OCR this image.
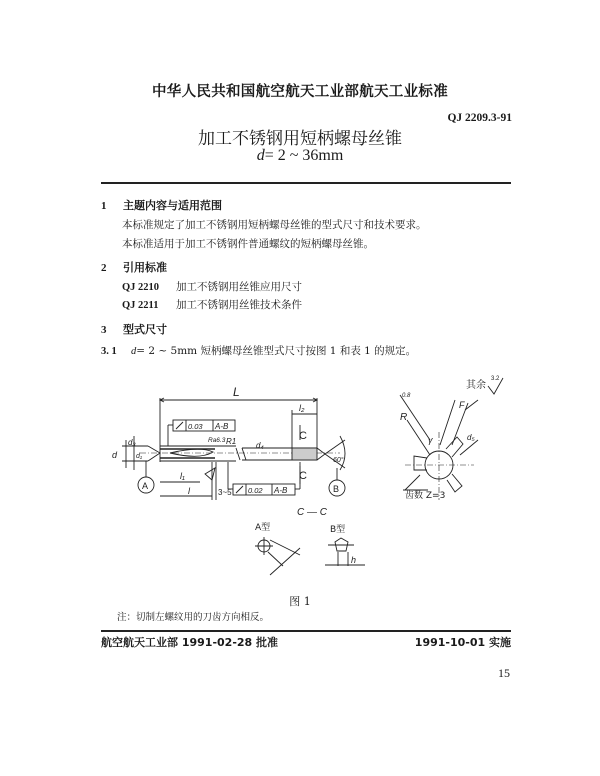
中华人民共和国航空航天工业部航天工业标准
QJ 2209.3-91
加工不锈钢用短柄螺母丝锥
d= 2 ~ 36mm
1 主题内容与适用范围
本标准规定了加工不锈钢用短柄螺母丝锥的型式尺寸和技术要求。
本标准适用于加工不锈钢件普通螺纹的短柄螺母丝锥。
2 引用标准
QJ 2210 加工不锈钢用丝锥应用尺寸
QJ 2211 加工不锈钢用丝锥技术条件
3 型式尺寸
3. 1 d= 2 ~ 5mm 短柄螺母丝锥型式尺寸按图 1 和表 1 的规定。
L
l₂
C
C
0.03 A-B
0.02 A-B
d₄
d
d₃
d₁
R1
Ra6.3
l₁
l	3~5
60°
A	B
R
γ
F
d₅
0.8
齿数 Z=3
其余
3.2
C — C
A型	B型
h
图 1
注：切制左螺纹用的刀齿方向相反。
航空航天工业部 1991-02-28 批准	1991-10-01 实施
15
